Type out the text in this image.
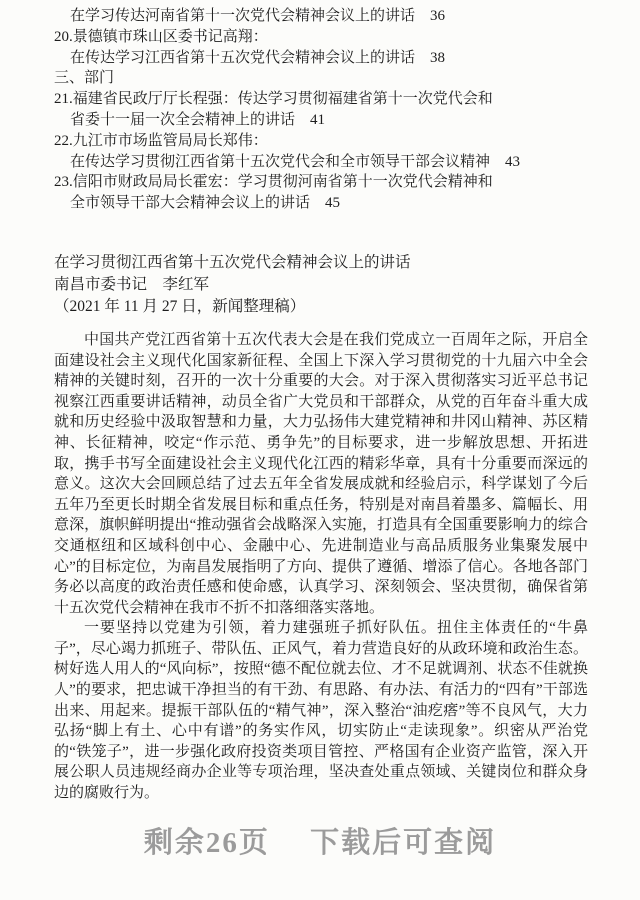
在学习传达河南省第十一次党代会精神会议上的讲话　36
20.景德镇市珠山区委书记高翔：
在传达学习江西省第十五次党代会精神会议上的讲话　38
三、部门
21.福建省民政厅厅长程强：传达学习贯彻福建省第十一次党代会和
省委十一届一次全会精神上的讲话　41
22.九江市市场监管局局长郑伟：
在传达学习贯彻江西省第十五次党代会和全市领导干部会议精神　43
23.信阳市财政局局长霍宏：学习贯彻河南省第十一次党代会精神和
全市领导干部大会精神会议上的讲话　45
在学习贯彻江西省第十五次党代会精神会议上的讲话
南昌市委书记　李红军
（2021 年 11 月 27 日，新闻整理稿）

中国共产党江西省第十五次代表大会是在我们党成立一百周年之际，开启全面建设社会主义现代化国家新征程、全国上下深入学习贯彻党的十九届六中全会精神的关键时刻，召开的一次十分重要的大会。对于深入贯彻落实习近平总书记视察江西重要讲话精神，动员全省广大党员和干部群众，从党的百年奋斗重大成就和历史经验中汲取智慧和力量，大力弘扬伟大建党精神和井冈山精神、苏区精神、长征精神，咬定“作示范、勇争先”的目标要求，进一步解放思想、开拓进取，携手书写全面建设社会主义现代化江西的精彩华章，具有十分重要而深远的意义。这次大会回顾总结了过去五年全省发展成就和经验启示，科学谋划了今后五年乃至更长时期全省发展目标和重点任务，特别是对南昌着墨多、篇幅长、用意深，旗帜鲜明提出“推动强省会战略深入实施，打造具有全国重要影响力的综合交通枢纽和区域科创中心、金融中心、先进制造业与高品质服务业集聚发展中心”的目标定位，为南昌发展指明了方向、提供了遵循、增添了信心。各地各部门务必以高度的政治责任感和使命感，认真学习、深刻领会、坚决贯彻，确保省第十五次党代会精神在我市不折不扣落细落实落地。

一要坚持以党建为引领，着力建强班子抓好队伍。扭住主体责任的“牛鼻子”，尽心竭力抓班子、带队伍、正风气，着力营造良好的从政环境和政治生态。树好选人用人的“风向标”，按照“德不配位就去位、才不足就调剂、状态不佳就换人”的要求，把忠诚干净担当的有干劲、有思路、有办法、有活力的“四有”干部选出来、用起来。提振干部队伍的“精气神”，深入整治“油疙瘩”等不良风气，大力弘扬“脚上有土、心中有谱”的务实作风，切实防止“走读现象”。织密从严治党的“铁笼子”，进一步强化政府投资类项目管控、严格国有企业资产监管，深入开展公职人员违规经商办企业等专项治理，坚决查处重点领域、关键岗位和群众身边的腐败行为。

剩余26页　 下载后可查阅
